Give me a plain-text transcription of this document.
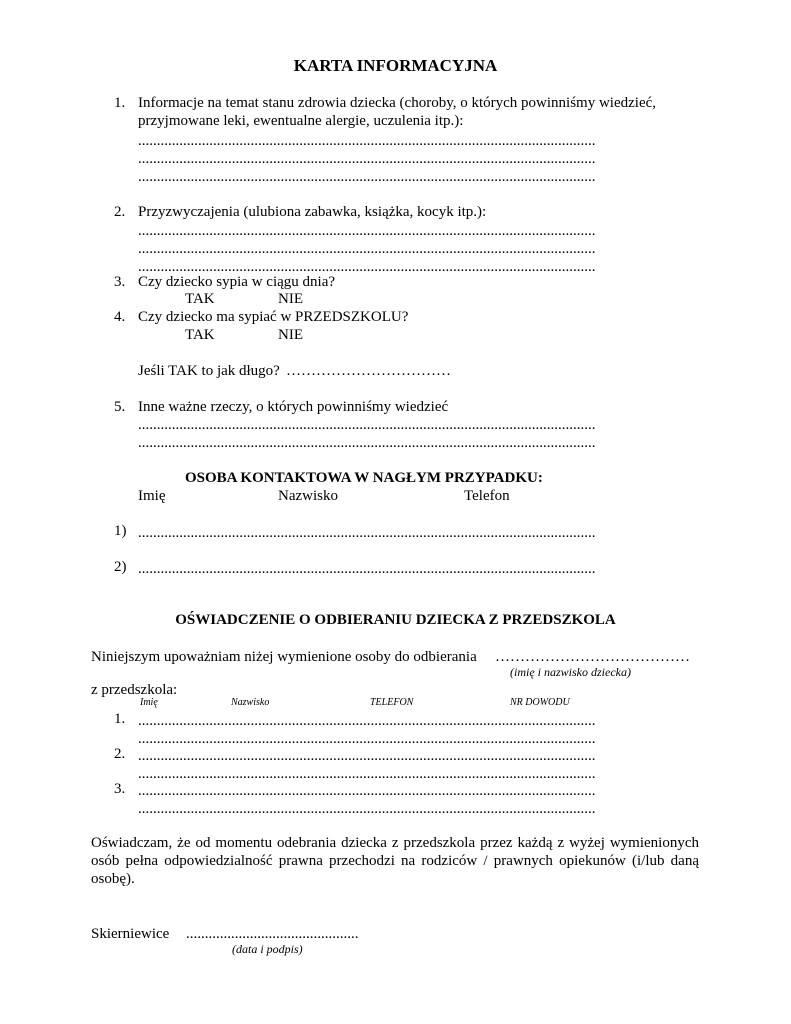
KARTA INFORMACYJNA
1. Informacje na temat stanu zdrowia dziecka (choroby, o których powinniśmy wiedzieć,
przyjmowane leki, ewentualne alergie, uczulenia itp.):
..........................................................................................................................
..........................................................................................................................
..........................................................................................................................
2. Przyzwyczajenia (ulubiona zabawka, książka, kocyk itp.):
..........................................................................................................................
..........................................................................................................................
..........................................................................................................................
3. Czy dziecko sypia w ciągu dnia?
TAK	NIE
4. Czy dziecko ma sypiać w PRZEDSZKOLU?
TAK	NIE
Jeśli TAK to jak długo? ……………………………
5. Inne ważne rzeczy, o których powinniśmy wiedzieć
..........................................................................................................................
..........................................................................................................................
OSOBA KONTAKTOWA W NAGŁYM PRZYPADKU:
Imię	Nazwisko	Telefon
1) ..........................................................................................................................
2) ..........................................................................................................................
OŚWIADCZENIE O ODBIERANIU DZIECKA Z PRZEDSZKOLA
Niniejszym upoważniam niżej wymienione osoby do odbierania …………………………………
(imię i nazwisko dziecka)
z przedszkola:
Imię	Nazwisko	TELEFON	NR DOWODU
1. ..........................................................................................................................
..........................................................................................................................
2. ..........................................................................................................................
..........................................................................................................................
3. ..........................................................................................................................
..........................................................................................................................
Oświadczam, że od momentu odebrania dziecka z przedszkola przez każdą z wyżej wymienionych osób pełna odpowiedzialność prawna przechodzi na rodziców / prawnych opiekunów (i/lub daną osobę).
Skierniewice ..............................................
(data i podpis)
